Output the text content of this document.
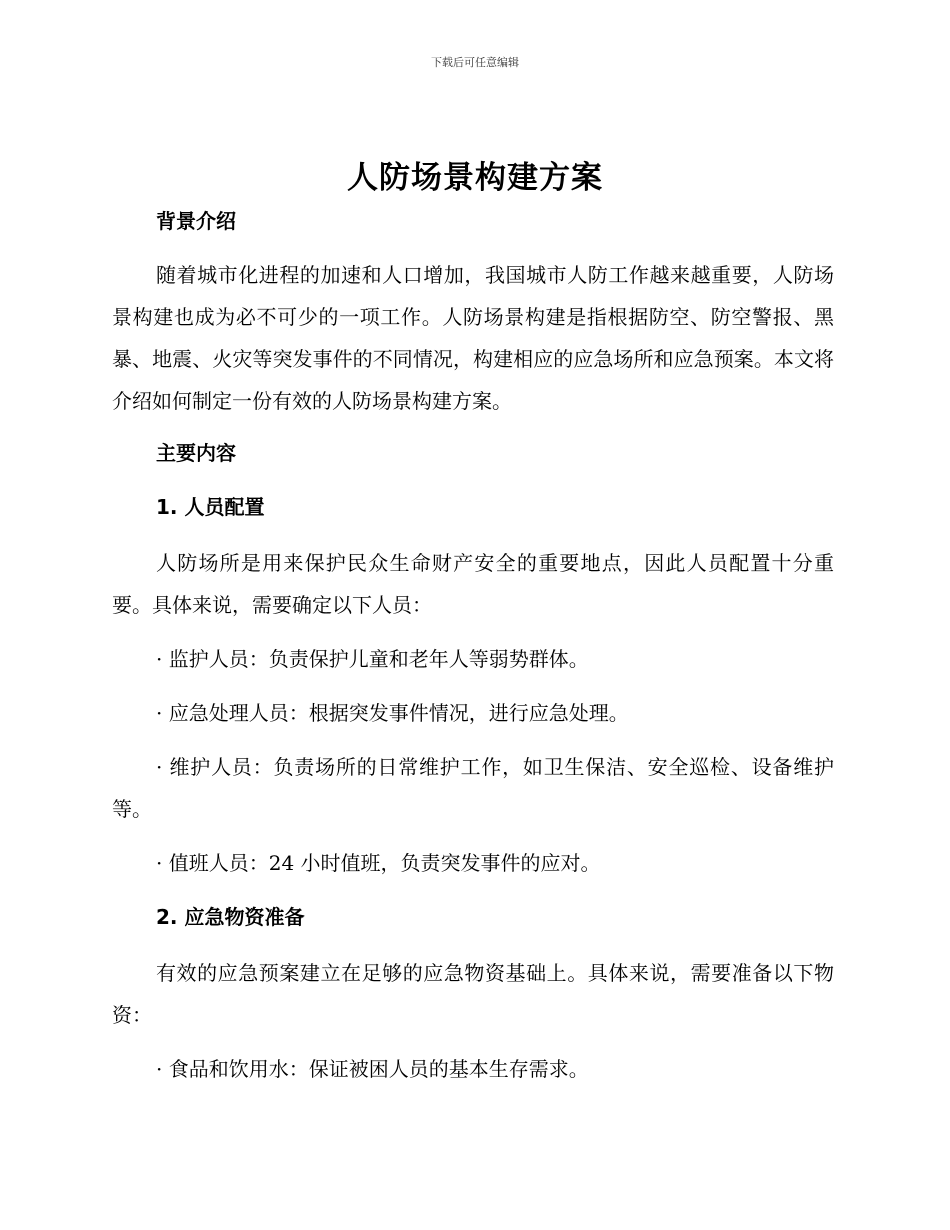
下载后可任意编辑
人防场景构建方案

背景介绍

随着城市化进程的加速和人口增加，我国城市人防工作越来越重要，人防场景构建也成为必不可少的一项工作。人防场景构建是指根据防空、防空警报、黑暴、地震、火灾等突发事件的不同情况，构建相应的应急场所和应急预案。本文将介绍如何制定一份有效的人防场景构建方案。

主要内容

1. 人员配置

人防场所是用来保护民众生命财产安全的重要地点，因此人员配置十分重要。具体来说，需要确定以下人员：

· 监护人员：负责保护儿童和老年人等弱势群体。

· 应急处理人员：根据突发事件情况，进行应急处理。

· 维护人员：负责场所的日常维护工作，如卫生保洁、安全巡检、设备维护等。

· 值班人员：24 小时值班，负责突发事件的应对。

2. 应急物资准备

有效的应急预案建立在足够的应急物资基础上。具体来说，需要准备以下物资：

· 食品和饮用水：保证被困人员的基本生存需求。
